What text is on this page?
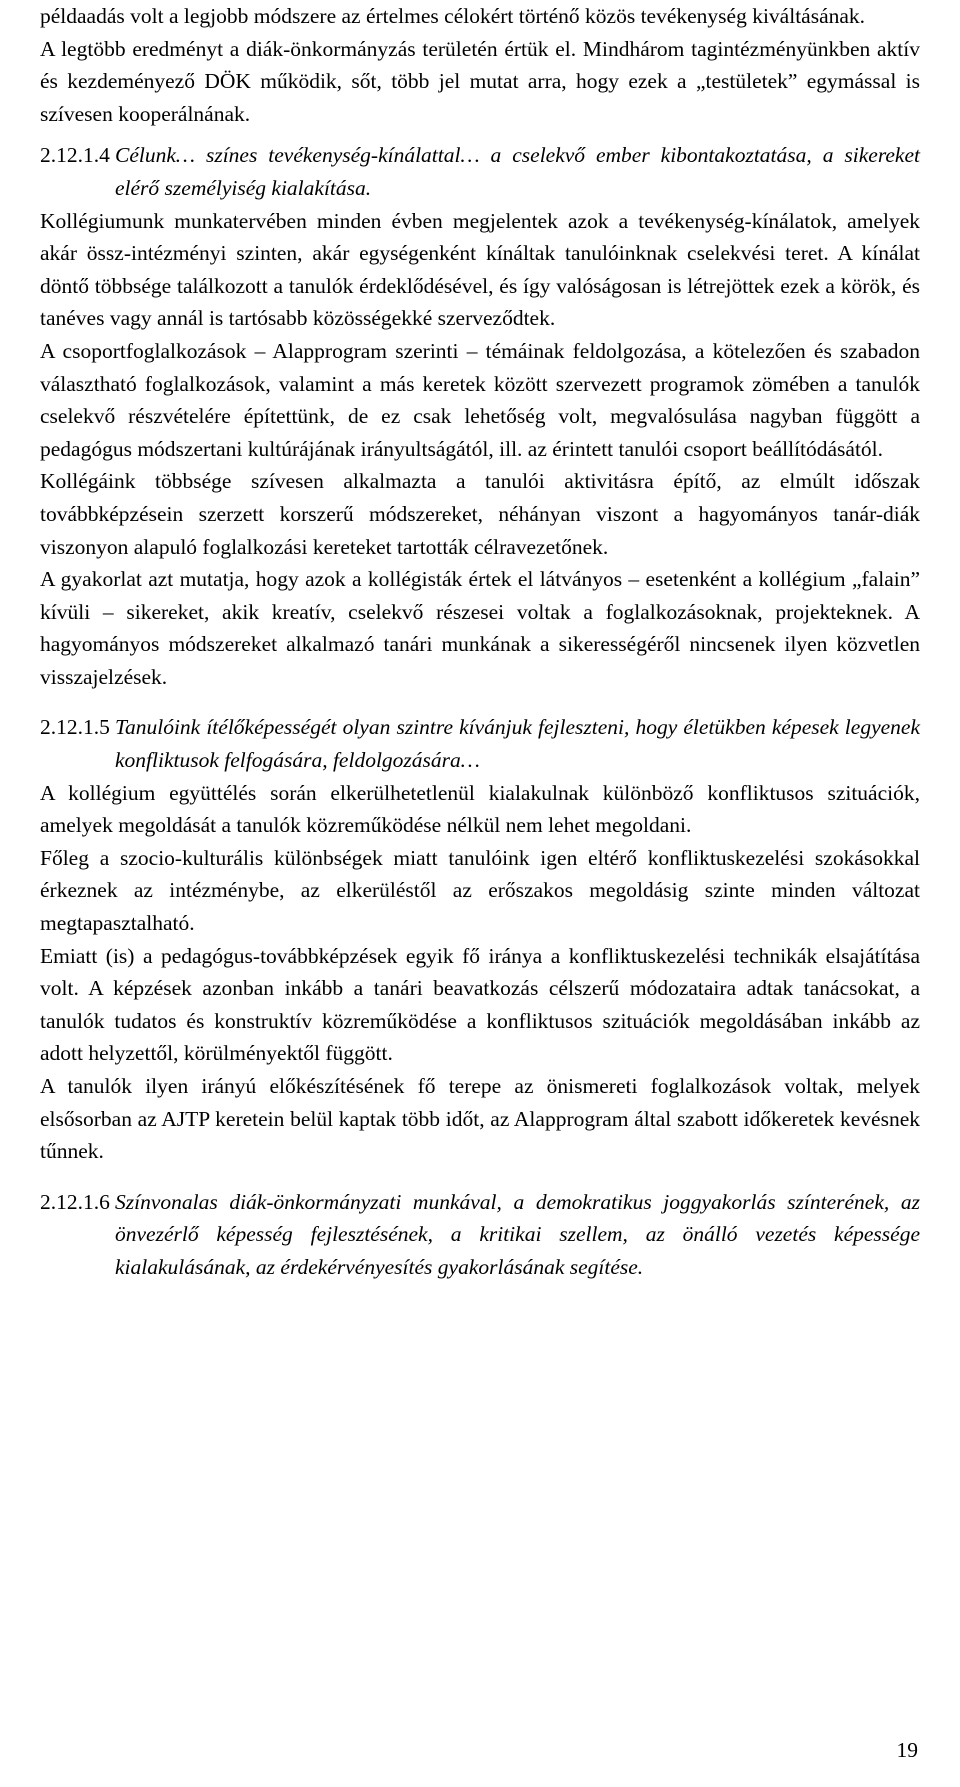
példaadás volt a legjobb módszere az értelmes célokért történő közös tevékenység kiváltásának.

A legtöbb eredményt a diák-önkormányzás területén értük el. Mindhárom tagintézményünkben aktív és kezdeményező DÖK működik, sőt, több jel mutat arra, hogy ezek a „testületek” egymással is szívesen kooperálnának.

2.12.1.4 Célunk… színes tevékenység-kínálattal… a cselekvő ember kibontakoztatása, a sikereket elérő személyiség kialakítása.

Kollégiumunk munkatervében minden évben megjelentek azok a tevékenység-kínálatok, amelyek akár össz-intézményi szinten, akár egységenként kínáltak tanulóinknak cselekvési teret. A kínálat döntő többsége találkozott a tanulók érdeklődésével, és így valóságosan is létrejöttek ezek a körök, és tanéves vagy annál is tartósabb közösségekké szerveződtek.

A csoportfoglalkozások – Alapprogram szerinti – témáinak feldolgozása, a kötelezően és szabadon választható foglalkozások, valamint a más keretek között szervezett programok zömében a tanulók cselekvő részvételére építettünk, de ez csak lehetőség volt, megvalósulása nagyban függött a pedagógus módszertani kultúrájának irányultságától, ill. az érintett tanulói csoport beállítódásától.

Kollégáink többsége szívesen alkalmazta a tanulói aktivitásra építő, az elmúlt időszak továbbképzésein szerzett korszerű módszereket, néhányan viszont a hagyományos tanár-diák viszonyon alapuló foglalkozási kereteket tartották célravezetőnek.

A gyakorlat azt mutatja, hogy azok a kollégisták értek el látványos – esetenként a kollégium „falain” kívüli – sikereket, akik kreatív, cselekvő részesei voltak a foglalkozásoknak, projekteknek. A hagyományos módszereket alkalmazó tanári munkának a sikerességéről nincsenek ilyen közvetlen visszajelzések.

2.12.1.5 Tanulóink ítélőképességét olyan szintre kívánjuk fejleszteni, hogy életükben képesek legyenek konfliktusok felfogására, feldolgozására…

A kollégium együttélés során elkerülhetetlenül kialakulnak különböző konfliktusos szituációk, amelyek megoldását a tanulók közreműködése nélkül nem lehet megoldani.

Főleg a szocio-kulturális különbségek miatt tanulóink igen eltérő konfliktuskezelési szokásokkal érkeznek az intézménybe, az elkerüléstől az erőszakos megoldásig szinte minden változat megtapasztalható.

Emiatt (is) a pedagógus-továbbképzések egyik fő iránya a konfliktuskezelési technikák elsajátítása volt. A képzések azonban inkább a tanári beavatkozás célszerű módozataira adtak tanácsokat, a tanulók tudatos és konstruktív közreműködése a konfliktusos szituációk megoldásában inkább az adott helyzettől, körülményektől függött.

A tanulók ilyen irányú előkészítésének fő terepe az önismereti foglalkozások voltak, melyek elsősorban az AJTP keretein belül kaptak több időt, az Alapprogram által szabott időkeretek kevésnek tűnnek.

2.12.1.6 Színvonalas diák-önkormányzati munkával, a demokratikus joggyakorlás színterének, az önvezérlő képesség fejlesztésének, a kritikai szellem, az önálló vezetés képessége kialakulásának, az érdekérvényesítés gyakorlásának segítése.
19
